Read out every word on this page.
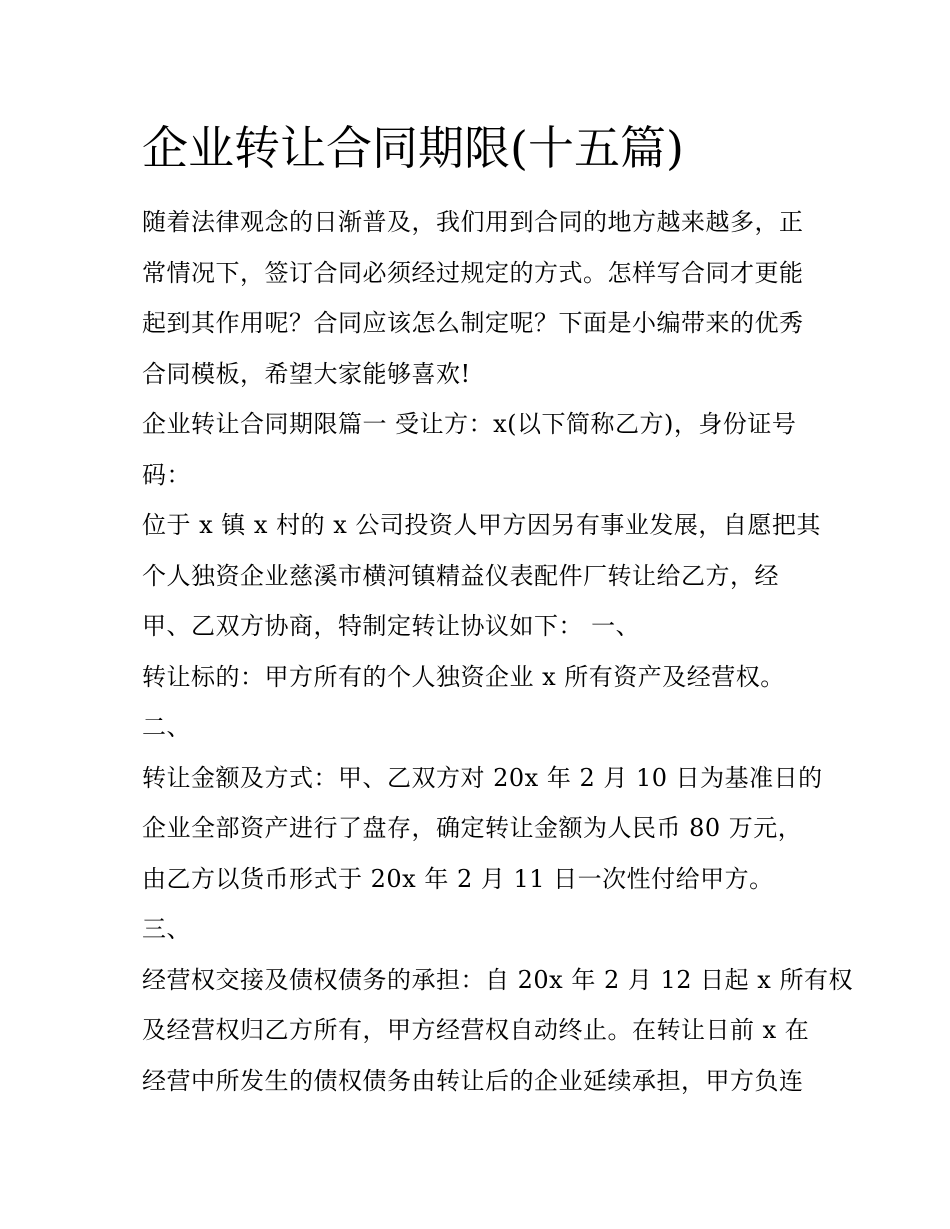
企业转让合同期限(十五篇)

随着法律观念的日渐普及，我们用到合同的地方越来越多，正

常情况下，签订合同必须经过规定的方式。怎样写合同才更能

起到其作用呢？合同应该怎么制定呢？下面是小编带来的优秀

合同模板，希望大家能够喜欢!

企业转让合同期限篇一 受让方：x(以下简称乙方)，身份证号

码：

位于 x 镇 x 村的 x 公司投资人甲方因另有事业发展，自愿把其

个人独资企业慈溪市横河镇精益仪表配件厂转让给乙方，经

甲、乙双方协商，特制定转让协议如下： 一、

转让标的：甲方所有的个人独资企业 x 所有资产及经营权。

二、

转让金额及方式：甲、乙双方对 20x 年 2 月 10 日为基准日的

企业全部资产进行了盘存，确定转让金额为人民币 80 万元，

由乙方以货币形式于 20x 年 2 月 11 日一次性付给甲方。

三、

经营权交接及债权债务的承担：自 20x 年 2 月 12 日起 x 所有权

及经营权归乙方所有，甲方经营权自动终止。在转让日前 x 在

经营中所发生的债权债务由转让后的企业延续承担，甲方负连
